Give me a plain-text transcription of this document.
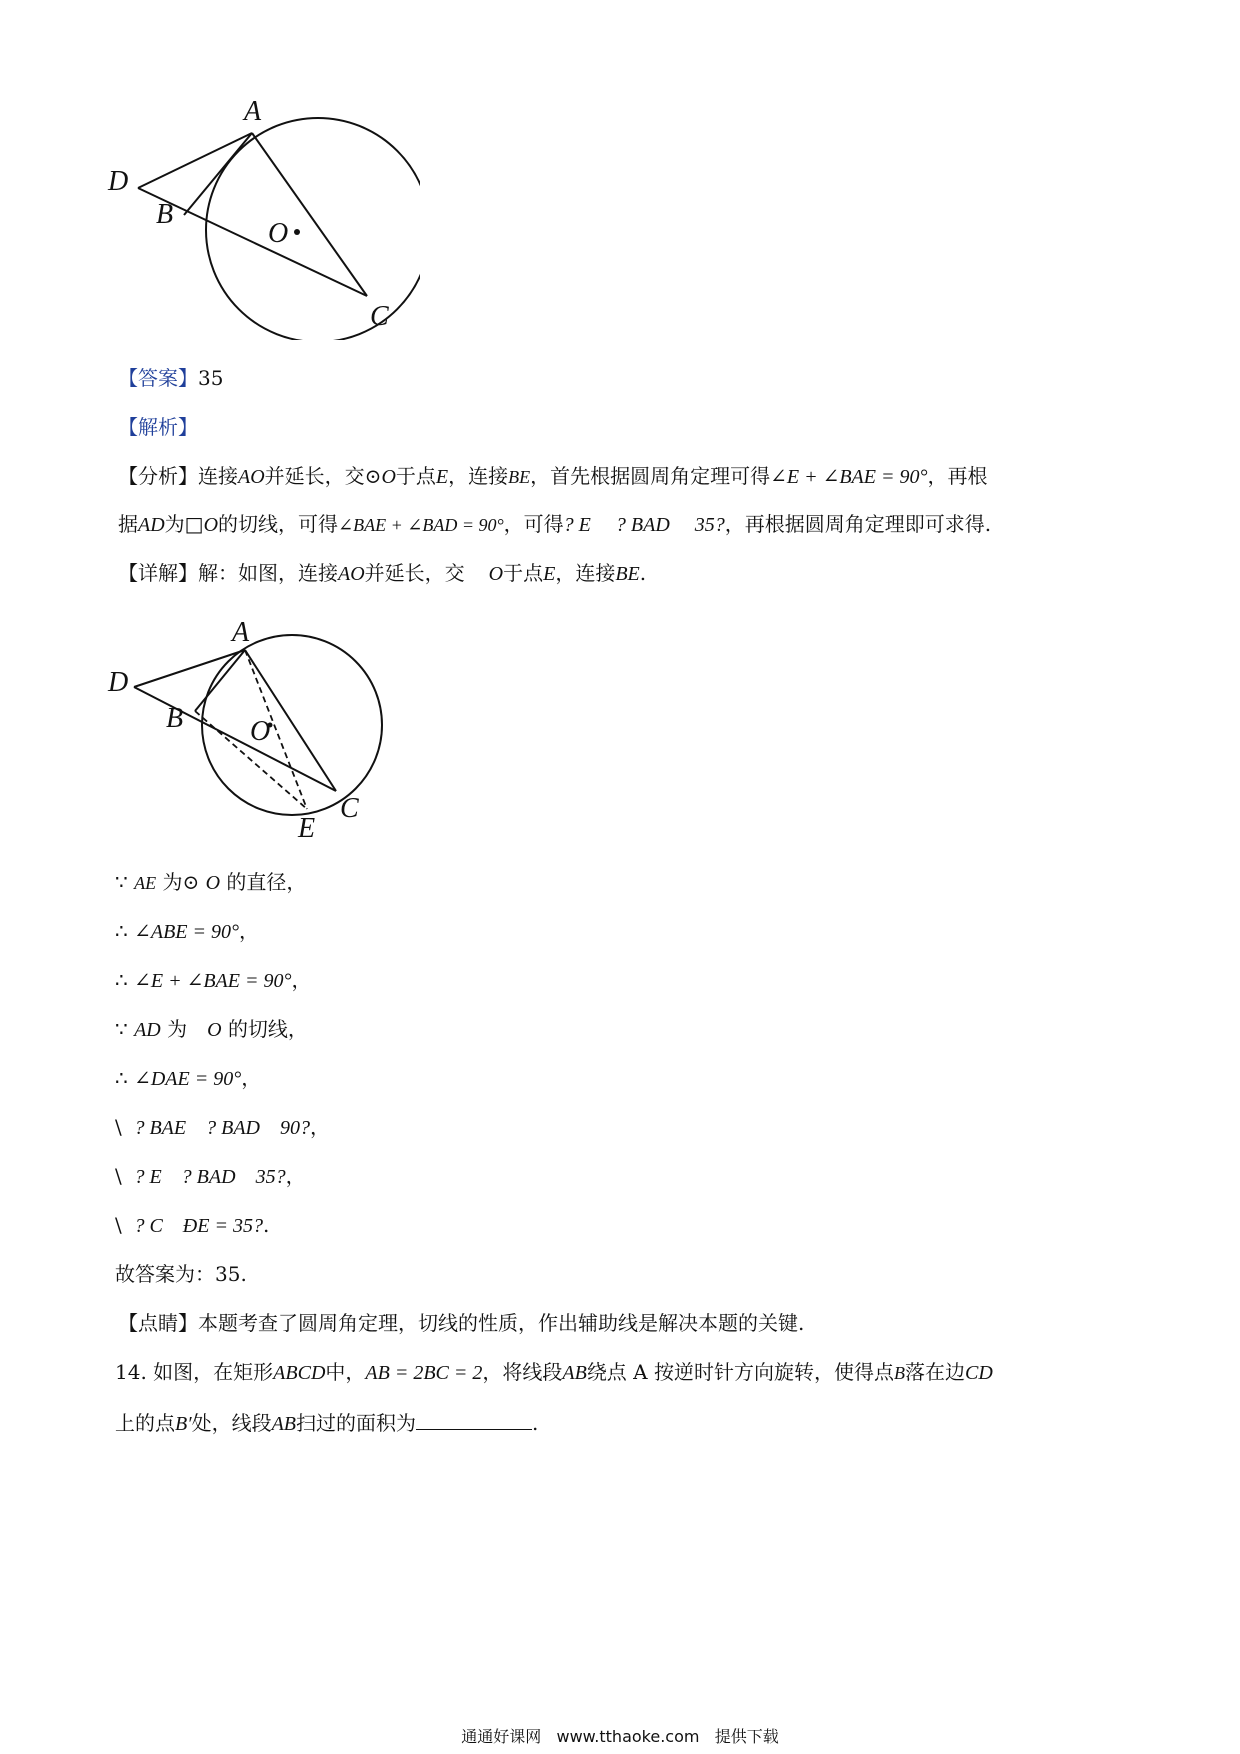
A
D
B
O
C
【答案】35
【解析】
【分析】连接AO并延长，交⊙O于点E，连接BE，首先根据圆周角定理可得∠E + ∠BAE = 90°，再根
据AD为□O的切线，可得∠BAE + ∠BAD = 90°，可得? E     ? BAD     35?，再根据圆周角定理即可求得.
【详解】解：如图，连接AO并延长，交 O于点E，连接BE.
A
D
B O
C
E
∵ AE 为⊙ O 的直径，
∴ ∠ABE = 90°，
∴ ∠E + ∠BAE = 90°，
∵ AD 为 O 的切线，
∴ ∠DAE = 90°，
\ ? BAE    ? BAD    90?，
\ ? E    ? BAD    35?，
\ ? C    ÐE = 35?.
故答案为：35.
【点睛】本题考查了圆周角定理，切线的性质，作出辅助线是解决本题的关键.
14. 如图，在矩形ABCD中，AB = 2BC = 2，将线段AB绕点 A 按逆时针方向旋转，使得点B落在边CD
上的点B′处，线段AB扫过的面积为	.
通通好课网   www.tthaoke.com   提供下载
